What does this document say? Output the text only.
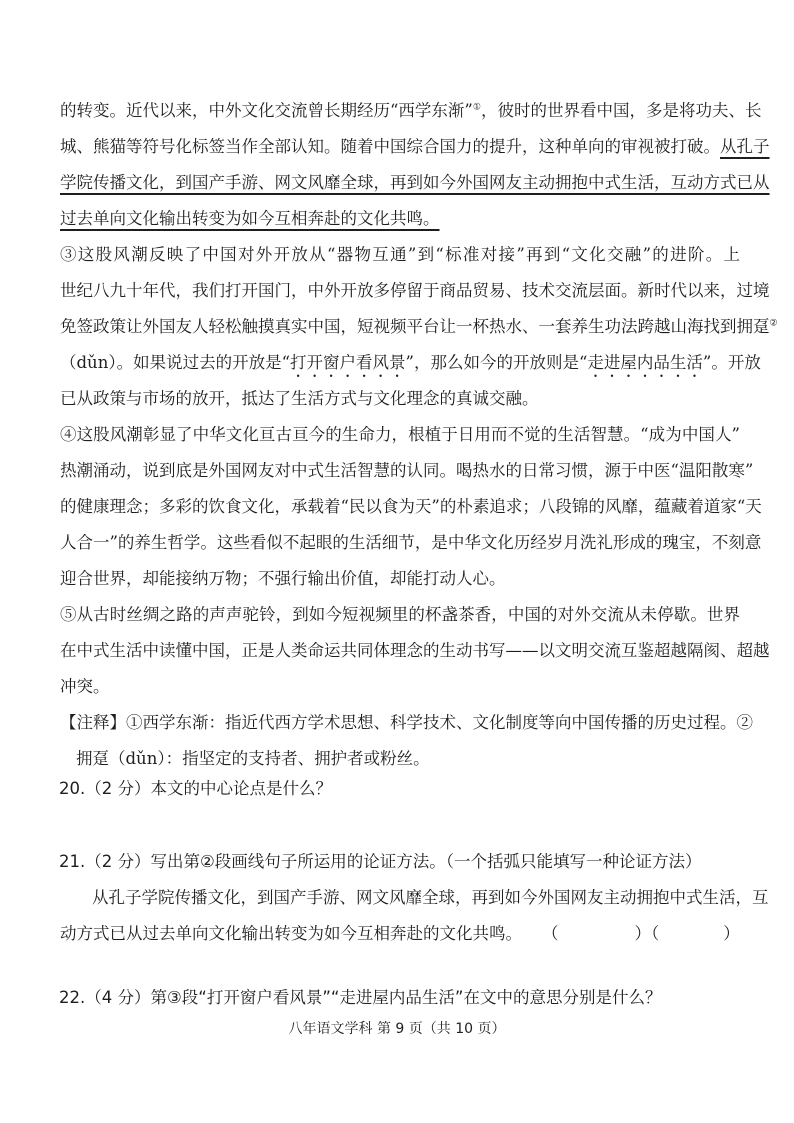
的转变。近代以来，中外文化交流曾长期经历“西学东渐”①，彼时的世界看中国，多是将功夫、长
城、熊猫等符号化标签当作全部认知。随着中国综合国力的提升，这种单向的审视被打破。从孔子
学院传播文化，到国产手游、网文风靡全球，再到如今外国网友主动拥抱中式生活，互动方式已从
过去单向文化输出转变为如今互相奔赴的文化共鸣。
③这股风潮反映了中国对外开放从“器物互通”到“标准对接”再到“文化交融”的进阶。上
世纪八九十年代，我们打开国门，中外开放多停留于商品贸易、技术交流层面。新时代以来，过境
免签政策让外国友人轻松触摸真实中国，短视频平台让一杯热水、一套养生功法跨越山海找到拥趸②
（dǔn）。如果说过去的开放是“打开窗户看风景”，那么如今的开放则是“走进屋内品生活”。开放
已从政策与市场的放开，抵达了生活方式与文化理念的真诚交融。
④这股风潮彰显了中华文化亘古亘今的生命力，根植于日用而不觉的生活智慧。“成为中国人”
热潮涌动，说到底是外国网友对中式生活智慧的认同。喝热水的日常习惯，源于中医“温阳散寒”
的健康理念；多彩的饮食文化，承载着“民以食为天”的朴素追求；八段锦的风靡，蕴藏着道家“天
人合一”的养生哲学。这些看似不起眼的生活细节，是中华文化历经岁月洗礼形成的瑰宝，不刻意
迎合世界，却能接纳万物；不强行输出价值，却能打动人心。
⑤从古时丝绸之路的声声驼铃，到如今短视频里的杯盏茶香，中国的对外交流从未停歇。世界
在中式生活中读懂中国，正是人类命运共同体理念的生动书写——以文明交流互鉴超越隔阂、超越
冲突。
【注释】①西学东渐：指近代西方学术思想、科学技术、文化制度等向中国传播的历史过程。②
拥趸（dǔn）：指坚定的支持者、拥护者或粉丝。
20.（2 分）本文的中心论点是什么？
21.（2 分）写出第②段画线句子所运用的论证方法。（一个括弧只能填写一种论证方法）
从孔子学院传播文化，到国产手游、网文风靡全球，再到如今外国网友主动拥抱中式生活，互
动方式已从过去单向文化输出转变为如今互相奔赴的文化共鸣。 （	）（	）
22.（4 分）第③段“打开窗户看风景”“走进屋内品生活”在文中的意思分别是什么？
八年语文学科 第 9 页（共 10 页）
